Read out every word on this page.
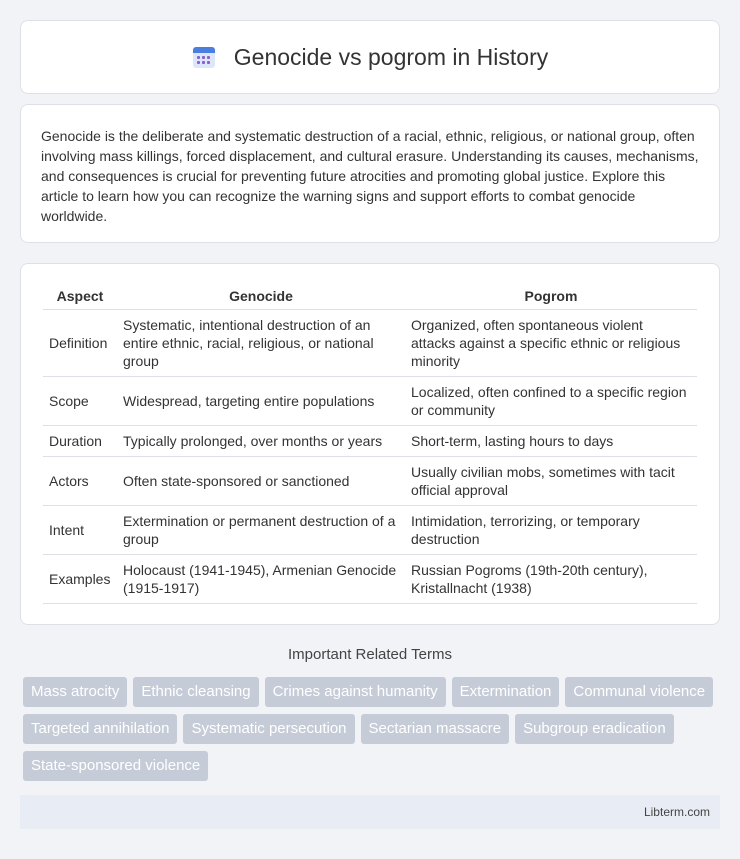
Genocide vs pogrom in History

Genocide is the deliberate and systematic destruction of a racial, ethnic, religious, or national group, often involving mass killings, forced displacement, and cultural erasure. Understanding its causes, mechanisms, and consequences is crucial for preventing future atrocities and promoting global justice. Explore this article to learn how you can recognize the warning signs and support efforts to combat genocide worldwide.

Aspect	Genocide	Pogrom
Definition	Systematic, intentional destruction of an entire ethnic, racial, religious, or national group	Organized, often spontaneous violent attacks against a specific ethnic or religious minority
Scope	Widespread, targeting entire populations	Localized, often confined to a specific region or community
Duration	Typically prolonged, over months or years	Short-term, lasting hours to days
Actors	Often state-sponsored or sanctioned	Usually civilian mobs, sometimes with tacit official approval
Intent	Extermination or permanent destruction of a group	Intimidation, terrorizing, or temporary destruction
Examples	Holocaust (1941-1945), Armenian Genocide (1915-1917)	Russian Pogroms (19th-20th century), Kristallnacht (1938)
Important Related Terms
Mass atrocity	Ethnic cleansing	Crimes against humanity	Extermination	Communal violence
Targeted annihilation	Systematic persecution	Sectarian massacre	Subgroup eradication
State-sponsored violence
Libterm.com
